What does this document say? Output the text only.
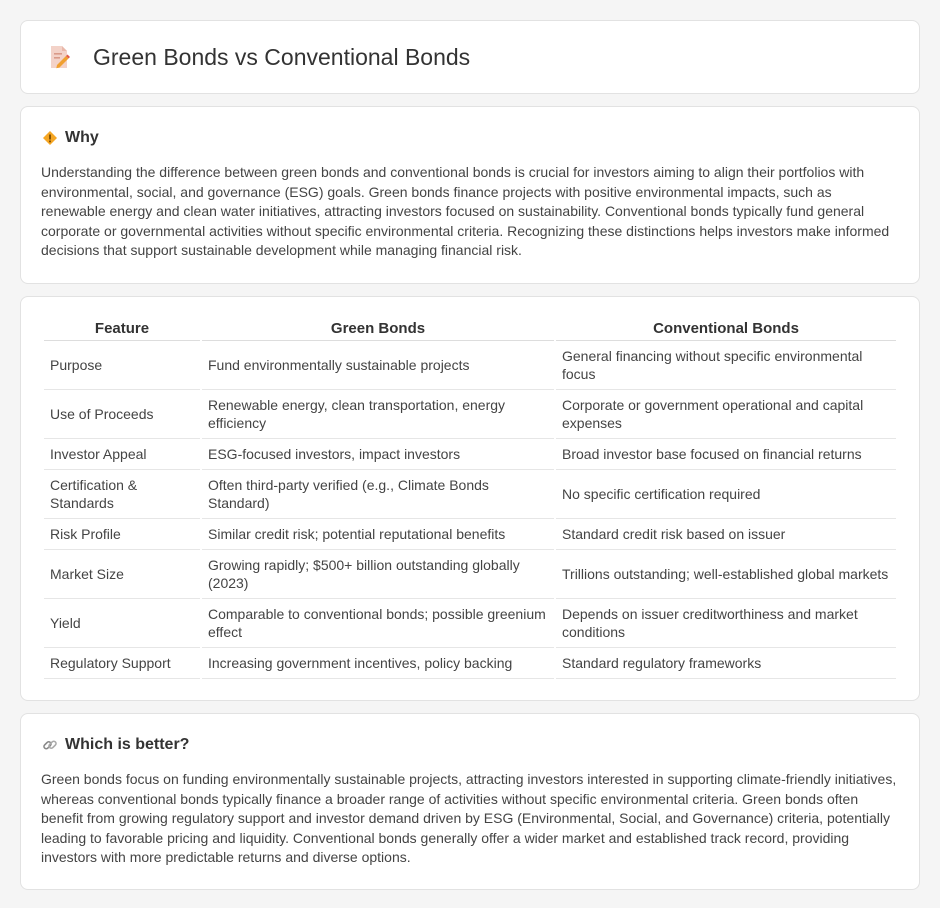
Green Bonds vs Conventional Bonds
Why

Understanding the difference between green bonds and conventional bonds is crucial for investors aiming to align their portfolios with environmental, social, and governance (ESG) goals. Green bonds finance projects with positive environmental impacts, such as renewable energy and clean water initiatives, attracting investors focused on sustainability. Conventional bonds typically fund general corporate or governmental activities without specific environmental criteria. Recognizing these distinctions helps investors make informed decisions that support sustainable development while managing financial risk.

Feature	Green Bonds	Conventional Bonds
Purpose	Fund environmentally sustainable projects	General financing without specific environmental focus
Use of Proceeds	Renewable energy, clean transportation, energy efficiency	Corporate or government operational and capital expenses
Investor Appeal	ESG-focused investors, impact investors	Broad investor base focused on financial returns
Certification & Standards	Often third-party verified (e.g., Climate Bonds Standard)	No specific certification required
Risk Profile	Similar credit risk; potential reputational benefits	Standard credit risk based on issuer
Market Size	Growing rapidly; $500+ billion outstanding globally (2023)	Trillions outstanding; well-established global markets
Yield	Comparable to conventional bonds; possible greenium effect	Depends on issuer creditworthiness and market conditions
Regulatory Support	Increasing government incentives, policy backing	Standard regulatory frameworks
Which is better?

Green bonds focus on funding environmentally sustainable projects, attracting investors interested in supporting climate-friendly initiatives, whereas conventional bonds typically finance a broader range of activities without specific environmental criteria. Green bonds often benefit from growing regulatory support and investor demand driven by ESG (Environmental, Social, and Governance) criteria, potentially leading to favorable pricing and liquidity. Conventional bonds generally offer a wider market and established track record, providing investors with more predictable returns and diverse options.
